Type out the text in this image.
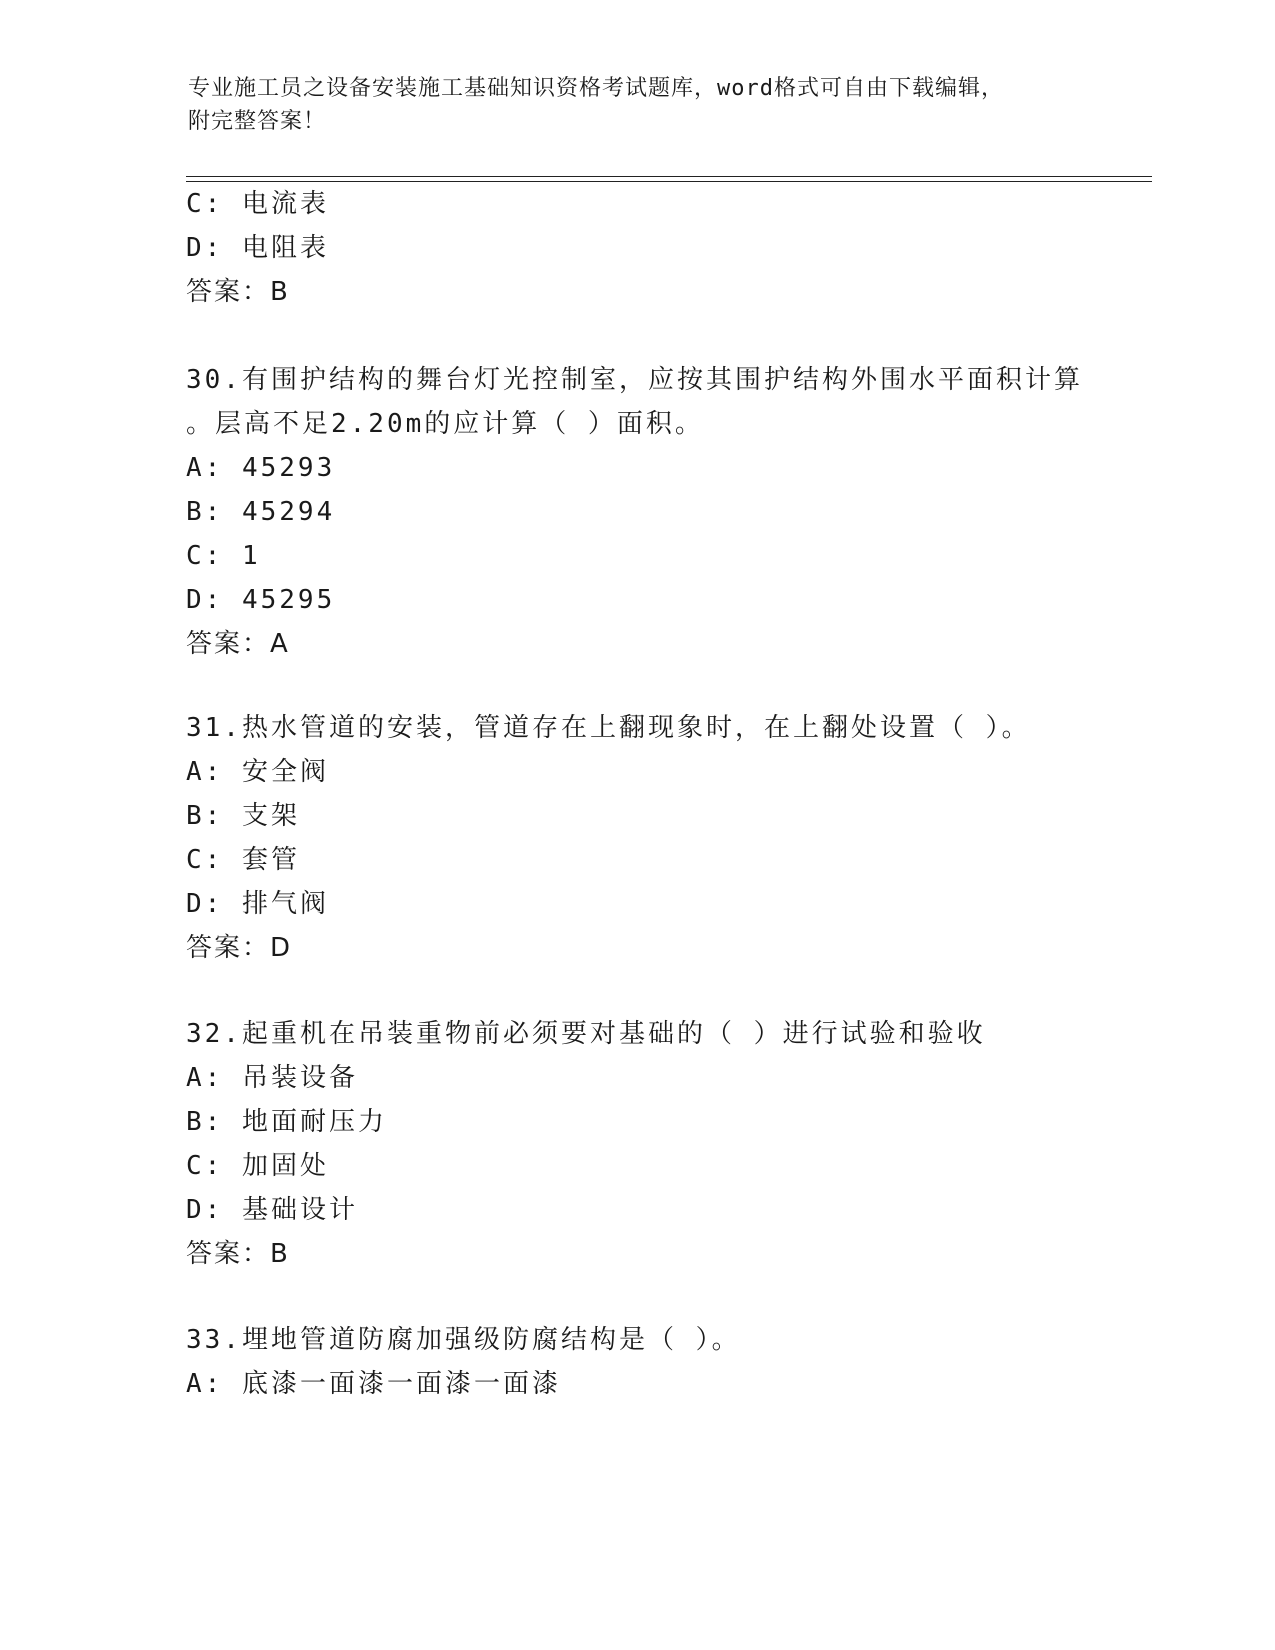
专业施工员之设备安装施工基础知识资格考试题库，word格式可自由下载编辑，
附完整答案！
C: 电流表
D: 电阻表
答案：B
30.有围护结构的舞台灯光控制室，应按其围护结构外围水平面积计算
。层高不足2.20m的应计算（ ）面积。
A: 45293
B: 45294
C: 1
D: 45295
答案：A
31.热水管道的安装，管道存在上翻现象时，在上翻处设置（ ）。
A: 安全阀
B: 支架
C: 套管
D: 排气阀
答案：D
32.起重机在吊装重物前必须要对基础的（ ）进行试验和验收
A: 吊装设备
B: 地面耐压力
C: 加固处
D: 基础设计
答案：B
33.埋地管道防腐加强级防腐结构是（ ）。
A: 底漆一面漆一面漆一面漆
